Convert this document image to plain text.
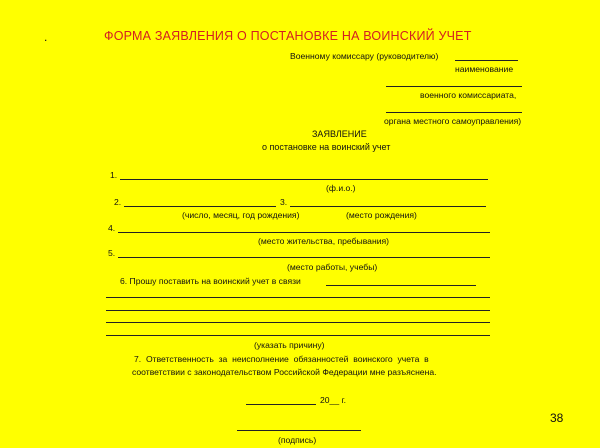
.	ФОРМА ЗАЯВЛЕНИЯ О ПОСТАНОВКЕ НА ВОИНСКИЙ УЧЕТ
Военному комиссару (руководителю)
наименование
военного комиссариата,
органа местного самоуправления)
ЗАЯВЛЕНИЕ
о постановке на воинский учет
1.
(ф.и.о.)
2.	3.
(число, месяц, год рождения)	(место рождения)
4.
(место жительства, пребывания)
5.
(место работы, учебы)
6. Прошу поставить на воинский учет в связи
(указать причину)
7.  Ответственность  за  неисполнение  обязанностей  воинского  учета  в
соответствии с законодательством Российской Федерации мне разъяснена.
20__ г.
(подпись)
38
